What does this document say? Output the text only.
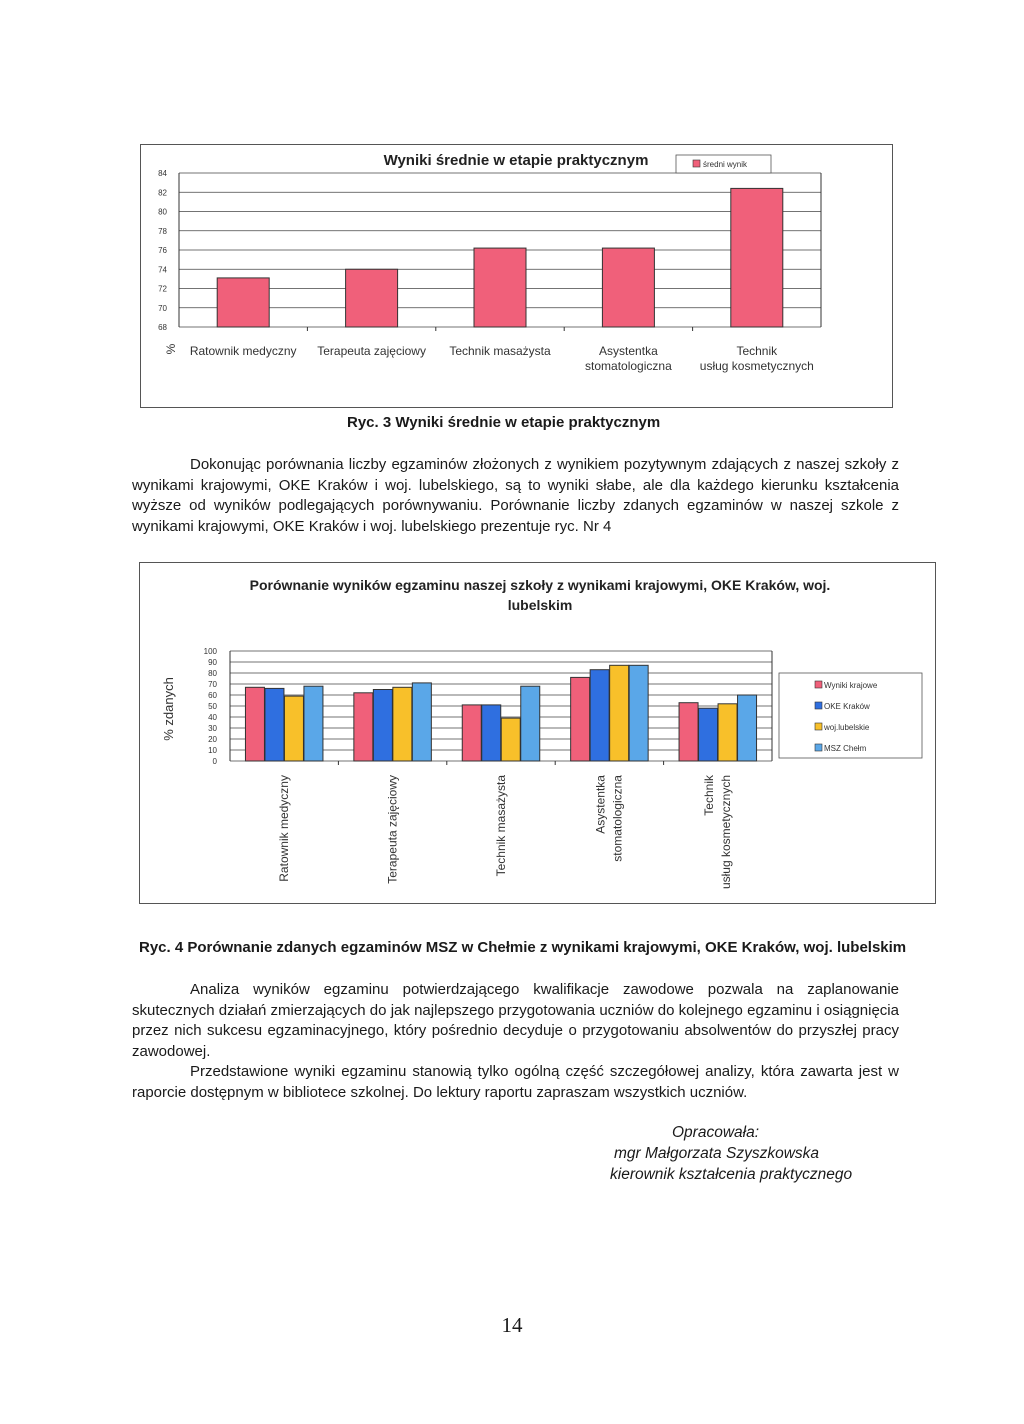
Wyniki średnie w etapie praktycznym
68
70
72
74
76
78
80
82
84
Ratownik medyczny Terapeuta zajęciowy Technik masażysta	Asystentka
stomatologiczna
Technik
usług kosmetycznych
%
średni wynik
Ryc. 3 Wyniki średnie w etapie praktycznym

Dokonując porównania liczby egzaminów złożonych z wynikiem pozytywnym zdających z naszej szkoły z wynikami krajowymi, OKE Kraków i woj. lubelskiego, są to wyniki słabe, ale dla każdego kierunku kształcenia wyższe od wyników podlegających porównywaniu. Porównanie liczby zdanych egzaminów w naszej szkole z wynikami krajowymi, OKE Kraków i woj. lubelskiego prezentuje ryc. Nr 4

Porównanie wyników egzaminu naszej szkoły z wynikami krajowymi, OKE Kraków, woj.
lubelskim
0
10
20
30
40
50
60
70
80
90
100
Ratownik medyczny	Terapeuta zajęciowy	Technik masażysta	Asystentka stomatologiczna	Technik usług kosmetycznych
% zdanych	Wyniki krajowe
OKE Kraków
woj.lubelskie
MSZ Chełm
Ryc. 4 Porównanie zdanych egzaminów MSZ w Chełmie z wynikami krajowymi, OKE Kraków, woj. lubelskim

Analiza wyników egzaminu potwierdzającego kwalifikacje zawodowe pozwala na zaplanowanie skutecznych działań zmierzających do jak najlepszego przygotowania uczniów do kolejnego egzaminu i osiągnięcia przez nich sukcesu egzaminacyjnego, który pośrednio decyduje o przygotowaniu absolwentów do przyszłej pracy zawodowej.

Przedstawione wyniki egzaminu stanowią tylko ogólną część szczegółowej analizy, która zawarta jest w raporcie dostępnym w bibliotece szkolnej. Do lektury raportu zapraszam wszystkich uczniów.

Opracowała:
mgr Małgorzata Szyszkowska
kierownik kształcenia praktycznego
14
